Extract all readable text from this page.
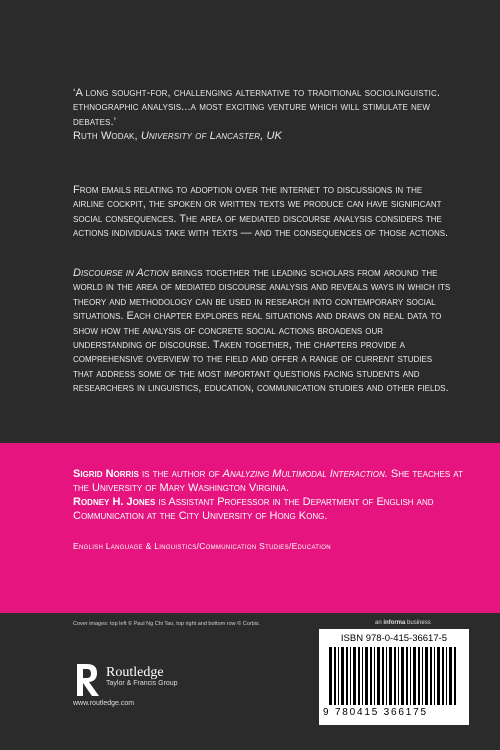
‘A long sought-for, challenging alternative to traditional sociolinguistic. ethnographic analysis...a most exciting venture which will stimulate new debates.’
Ruth Wodak, University of Lancaster, UK
From emails relating to adoption over the internet to discussions in the airline cockpit, the spoken or written texts we produce can have significant social consequences. The area of mediated discourse analysis considers the actions individuals take with texts — and the consequences of those actions.
Discourse in Action brings together the leading scholars from around the world in the area of mediated discourse analysis and reveals ways in which its theory and methodology can be used in research into contemporary social situations. Each chapter explores real situations and draws on real data to show how the analysis of concrete social actions broadens our understanding of discourse. Taken together, the chapters provide a comprehensive overview to the field and offer a range of current studies that address some of the most important questions facing students and researchers in linguistics, education, communication studies and other fields.
Sigrid Norris is the author of Analyzing Multimodal Interaction. She teaches at the University of Mary Washington Virginia.
Rodney H. Jones is Assistant Professor in the Department of English and Communication at the City University of Hong Kong.
English Language & Linguistics/Communication Studies/Education
Cover images: top left © Paul Ng Chi Tao, top right and bottom row © Corbis.	an informa business
ISBN 978-0-415-36617-5
9 780415 366175
Routledge
Taylor & Francis Group
www.routledge.com
